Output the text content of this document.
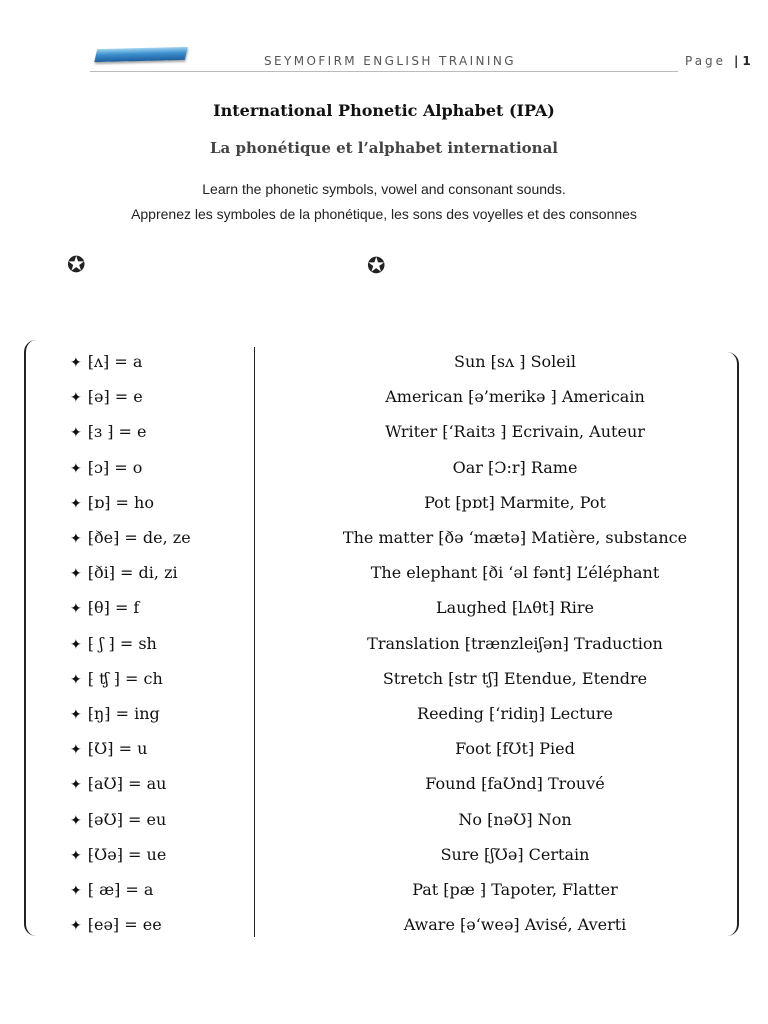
SEYMOFIRM ENGLISH TRAINING	Page
|	1
International Phonetic Alphabet (IPA)
La phonétique et l’alphabet international
Learn the phonetic symbols, vowel and consonant sounds.
Apprenez les symboles de la phonétique, les sons des voyelles et des consonnes
✪	✪
✦ ⁅ʌ⁆ = a	Sun ⁅sʌ ⁆ Soleil
✦ ⁅ə⁆ = e	American ⁅ə’merikə ⁆ Americain
✦ ⁅ɜ ⁆ = e	Writer ⁅‘Raitɜ ⁆ Ecrivain, Auteur
✦ ⁅ɔ⁆ = o	Oar ⁅Ɔ:r⁆ Rame
✦ ⁅ɒ⁆ = ho	Pot ⁅pɒt⁆ Marmite, Pot
✦ ⁅ðe⁆ = de, ze	The matter ⁅ðə ‘mætə⁆ Matière, substance
✦ ⁅ði⁆ = di, zi	The elephant ⁅ði ‘əl fənt⁆ L’éléphant
✦ ⁅θ⁆ = f	Laughed ⁅lʌθt⁆ Rire
✦ ⁅ ʃ ⁆ = sh	Translation ⁅trænzleiʃən⁆ Traduction
✦ ⁅ ʧ ⁆ = ch	Stretch ⁅str tʃ⁆ Etendue, Etendre
✦ ⁅ŋ⁆ = ing	Reeding ⁅‘ridiŋ⁆ Lecture
✦ ⁅Ʊ⁆ = u	Foot ⁅fƱt⁆ Pied
✦ ⁅aƱ⁆ = au	Found ⁅faƱnd⁆ Trouvé
✦ ⁅əƱ⁆ = eu	No ⁅nəƱ⁆ Non
✦ ⁅Ʊə⁆ = ue	Sure ⁅ʃƱə⁆ Certain
✦ ⁅ æ⁆ = a	Pat ⁅pæ ⁆ Tapoter, Flatter
✦ ⁅eə⁆ = ee	Aware ⁅ə‘weə⁆ Avisé, Averti
